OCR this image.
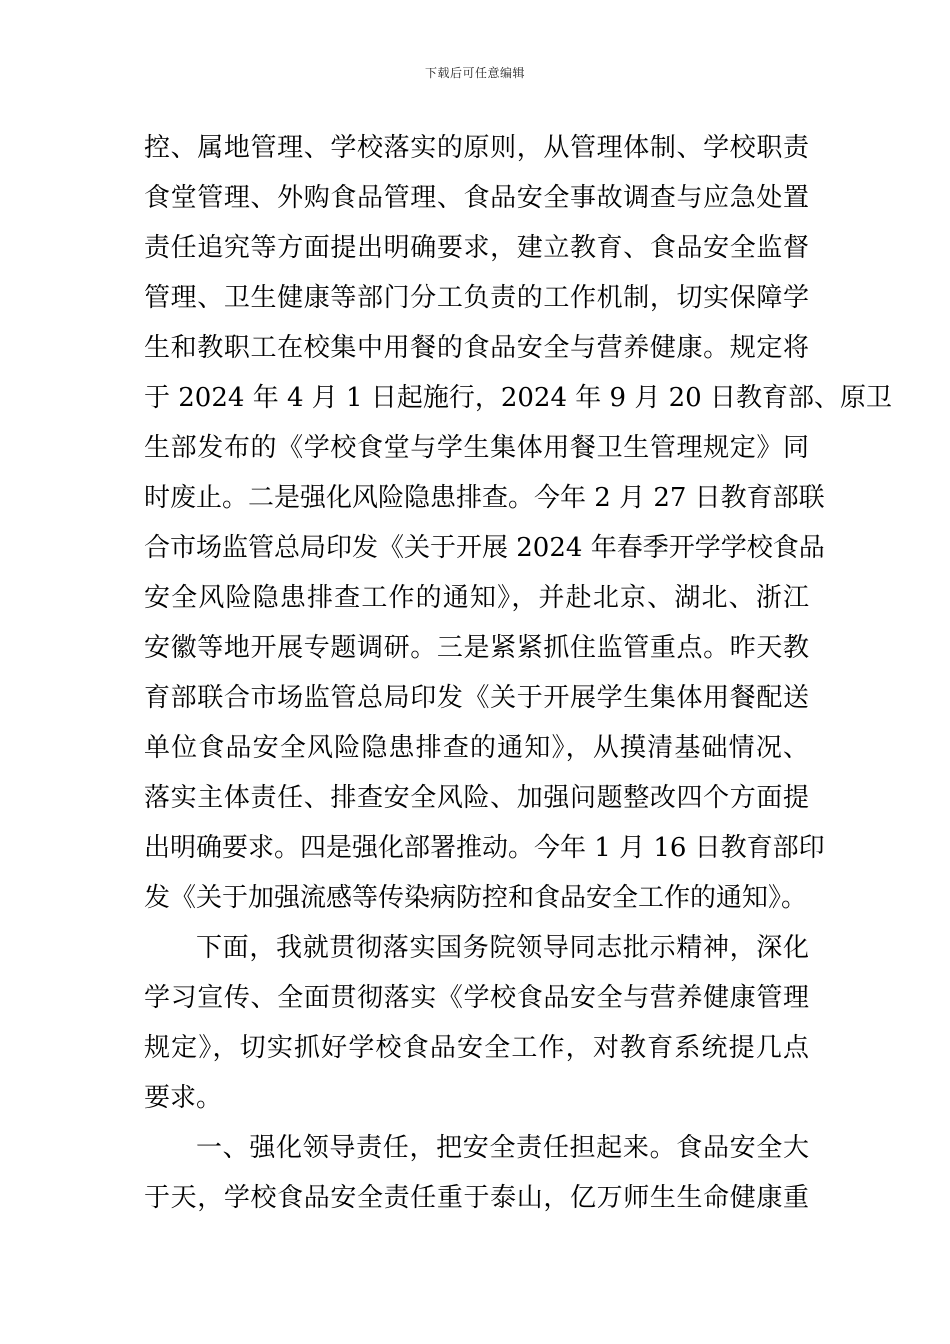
下载后可任意编辑
控、属地管理、学校落实的原则，从管理体制、学校职责
食堂管理、外购食品管理、食品安全事故调查与应急处置
责任追究等方面提出明确要求，建立教育、食品安全监督
管理、卫生健康等部门分工负责的工作机制，切实保障学
生和教职工在校集中用餐的食品安全与营养健康。规定将
于 2024 年 4 月 1 日起施行，2024 年 9 月 20 日教育部、原卫
生部发布的《学校食堂与学生集体用餐卫生管理规定》同
时废止。二是强化风险隐患排查。今年 2 月 27 日教育部联
合市场监管总局印发《关于开展 2024 年春季开学学校食品
安全风险隐患排查工作的通知》，并赴北京、湖北、浙江
安徽等地开展专题调研。三是紧紧抓住监管重点。昨天教
育部联合市场监管总局印发《关于开展学生集体用餐配送
单位食品安全风险隐患排查的通知》，从摸清基础情况、
落实主体责任、排查安全风险、加强问题整改四个方面提
出明确要求。四是强化部署推动。今年 1 月 16 日教育部印
发《关于加强流感等传染病防控和食品安全工作的通知》。
下面，我就贯彻落实国务院领导同志批示精神，深化
学习宣传、全面贯彻落实《学校食品安全与营养健康管理
规定》，切实抓好学校食品安全工作，对教育系统提几点
要求。
一、强化领导责任，把安全责任担起来。食品安全大
于天，学校食品安全责任重于泰山，亿万师生生命健康重
